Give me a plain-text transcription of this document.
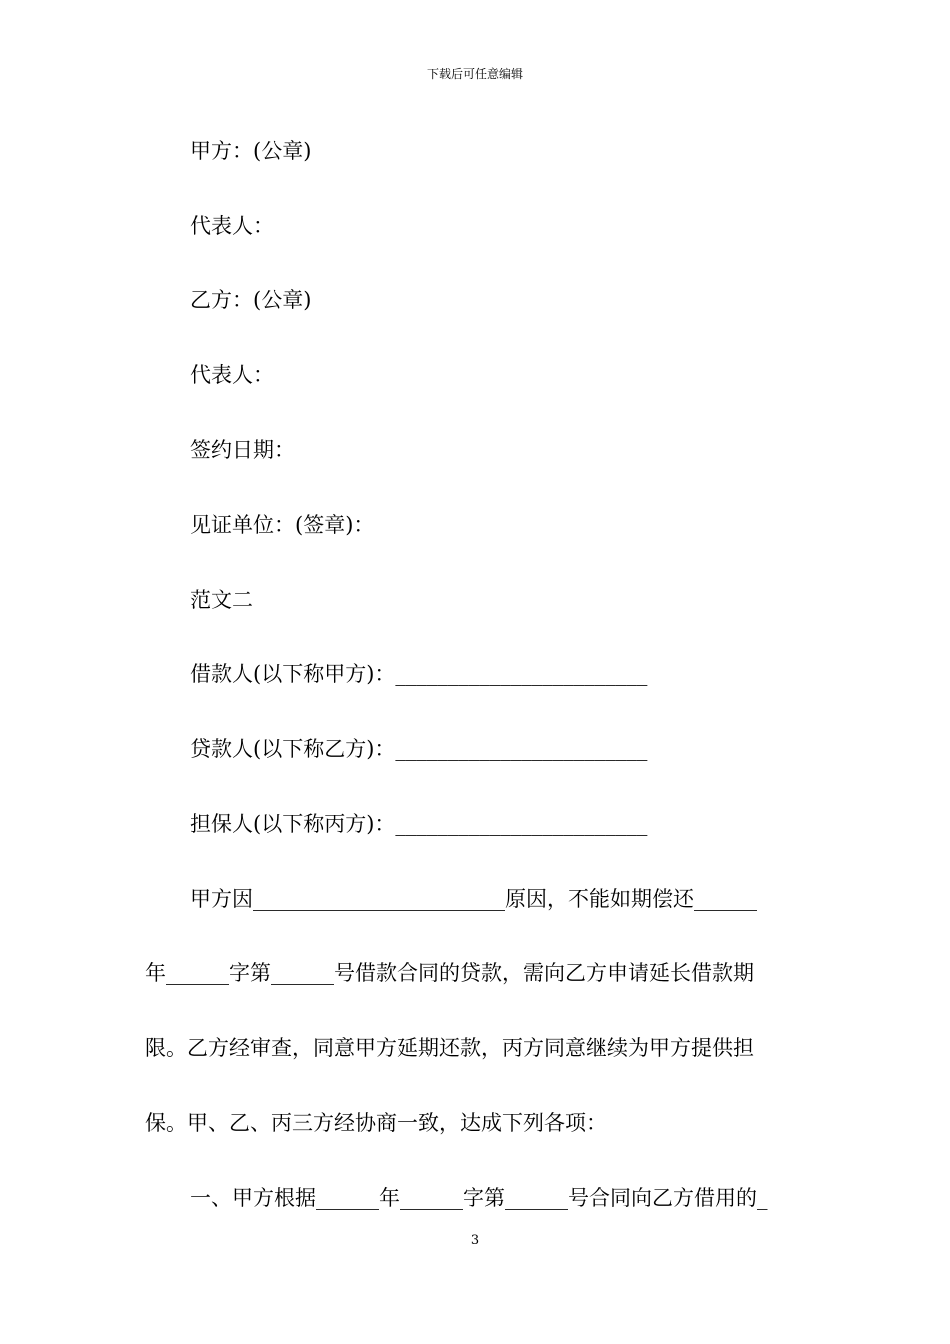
下载后可任意编辑
甲方：(公章)
代表人：
乙方：(公章)
代表人：
签约日期：
见证单位：(签章)：
范文二
借款人(以下称甲方)：________________________
贷款人(以下称乙方)：________________________
担保人(以下称丙方)：________________________
甲方因________________________原因，不能如期偿还______
年______字第______号借款合同的贷款，需向乙方申请延长借款期
限。乙方经审查，同意甲方延期还款，丙方同意继续为甲方提供担
保。甲、乙、丙三方经协商一致，达成下列各项：
一、甲方根据______年______字第______号合同向乙方借用的_
3
